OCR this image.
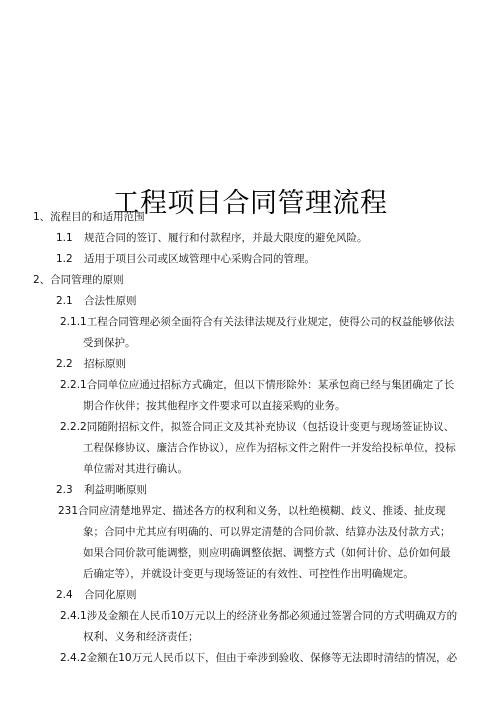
工程项目合同管理流程
1、流程目的和适用范围
1.1 规范合同的签订、履行和付款程序，并最大限度的避免风险。
1.2 适用于项目公司或区域管理中心采购合同的管理。
2、合同管理的原则
2.1 合法性原则
2.1.1工程合同管理必须全面符合有关法律法规及行业规定，使得公司的权益能够依法
受到保护。
2.2 招标原则
2.2.1合同单位应通过招标方式确定，但以下情形除外：某承包商已经与集团确定了长
期合作伙伴；按其他程序文件要求可以直接采购的业务。
2.2.2同随附招标文件，拟签合同正文及其补充协议（包括设计变更与现场签证协议、
工程保修协议、廉洁合作协议），应作为招标文件之附件一并发给投标单位，投标
单位需对其进行确认。
2.3 利益明晰原则
231合同应清楚地界定、描述各方的权利和义务，以杜绝模糊、歧义、推诿、扯皮现
象；合同中尤其应有明确的、可以界定清楚的合同价款、结算办法及付款方式；
如果合同价款可能调整，则应明确调整依据、调整方式（如何计价、总价如何最
后确定等），并就设计变更与现场签证的有效性、可控性作出明确规定。
2.4 合同化原则
2.4.1涉及金额在人民币10万元以上的经济业务都必须通过签署合同的方式明确双方的
权利、义务和经济责任；
2.4.2金额在10万元人民币以下，但由于牵涉到验收、保修等无法即时清结的情况，必
